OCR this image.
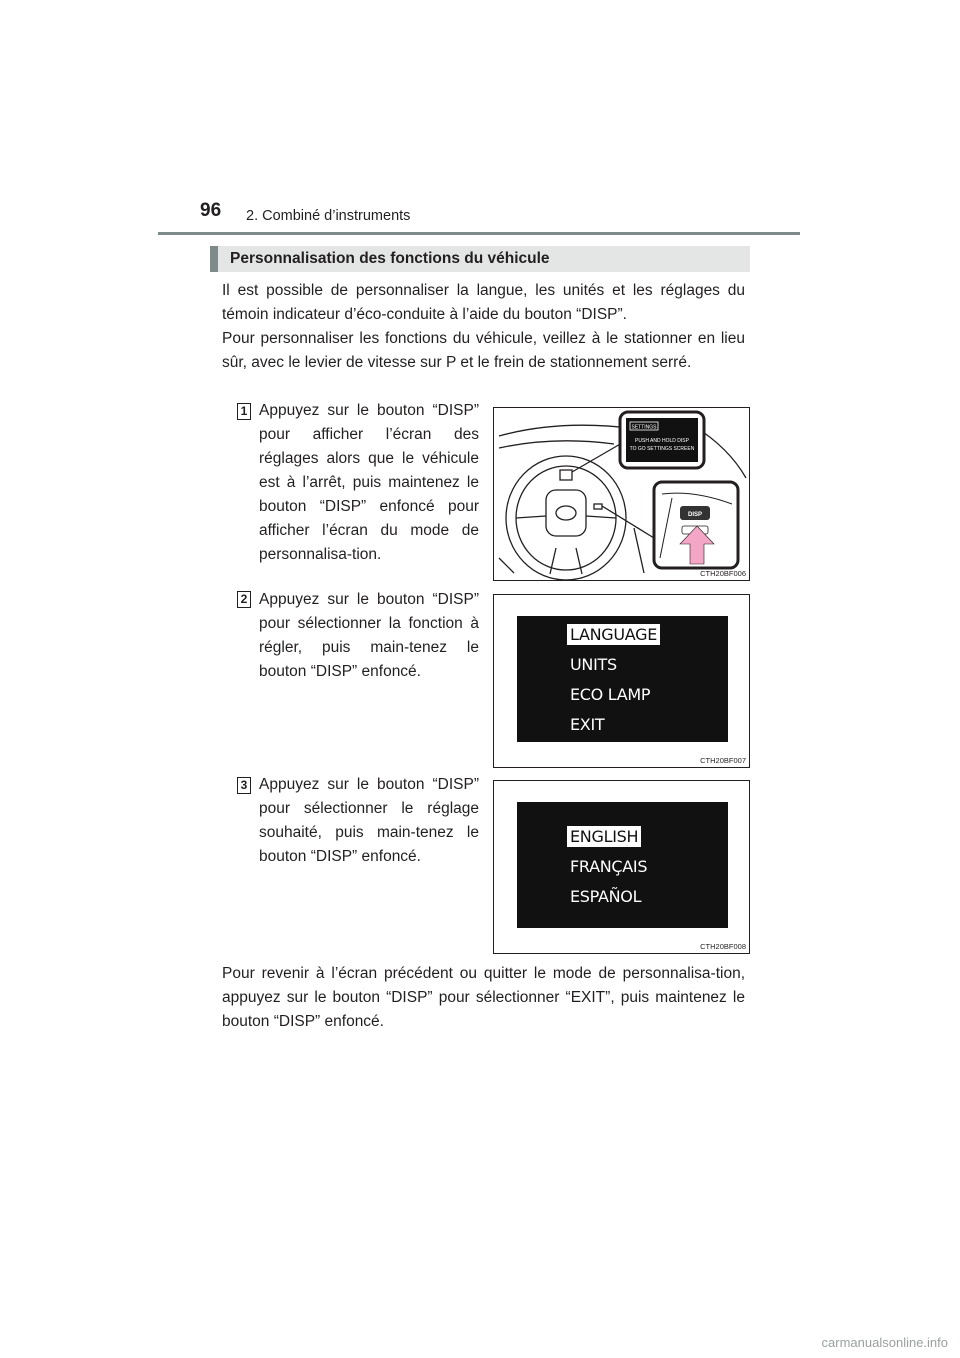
96 2. Combiné d’instruments
Personnalisation des fonctions du véhicule

Il est possible de personnaliser la langue, les unités et les réglages du témoin indicateur d’éco-conduite à l’aide du bouton “DISP”.

Pour personnaliser les fonctions du véhicule, veillez à le stationner en lieu sûr, avec le levier de vitesse sur P et le frein de stationnement serré.

1 Appuyez sur le bouton “DISP” pour afficher l’écran des réglages alors que le véhicule est à l’arrêt, puis maintenez le bouton “DISP” enfoncé pour afficher l’écran du mode de personnalisa-tion.

SETTINGS
PUSH AND HOLD DISP
TO GO SETTINGS SCREEN
DISP
CTH20BF006
2 Appuyez sur le bouton “DISP” pour sélectionner la fonction à régler, puis main-tenez le bouton “DISP” enfoncé.

LANGUAGE
UNITS
ECO LAMP
EXIT
CTH20BF007
3 Appuyez sur le bouton “DISP” pour sélectionner le réglage souhaité, puis main-tenez le bouton “DISP” enfoncé.

ENGLISH
FRANÇAIS
ESPAÑOL
CTH20BF008

Pour revenir à l’écran précédent ou quitter le mode de personnalisa-tion, appuyez sur le bouton “DISP” pour sélectionner “EXIT”, puis maintenez le bouton “DISP” enfoncé.

carmanualsonline.info
